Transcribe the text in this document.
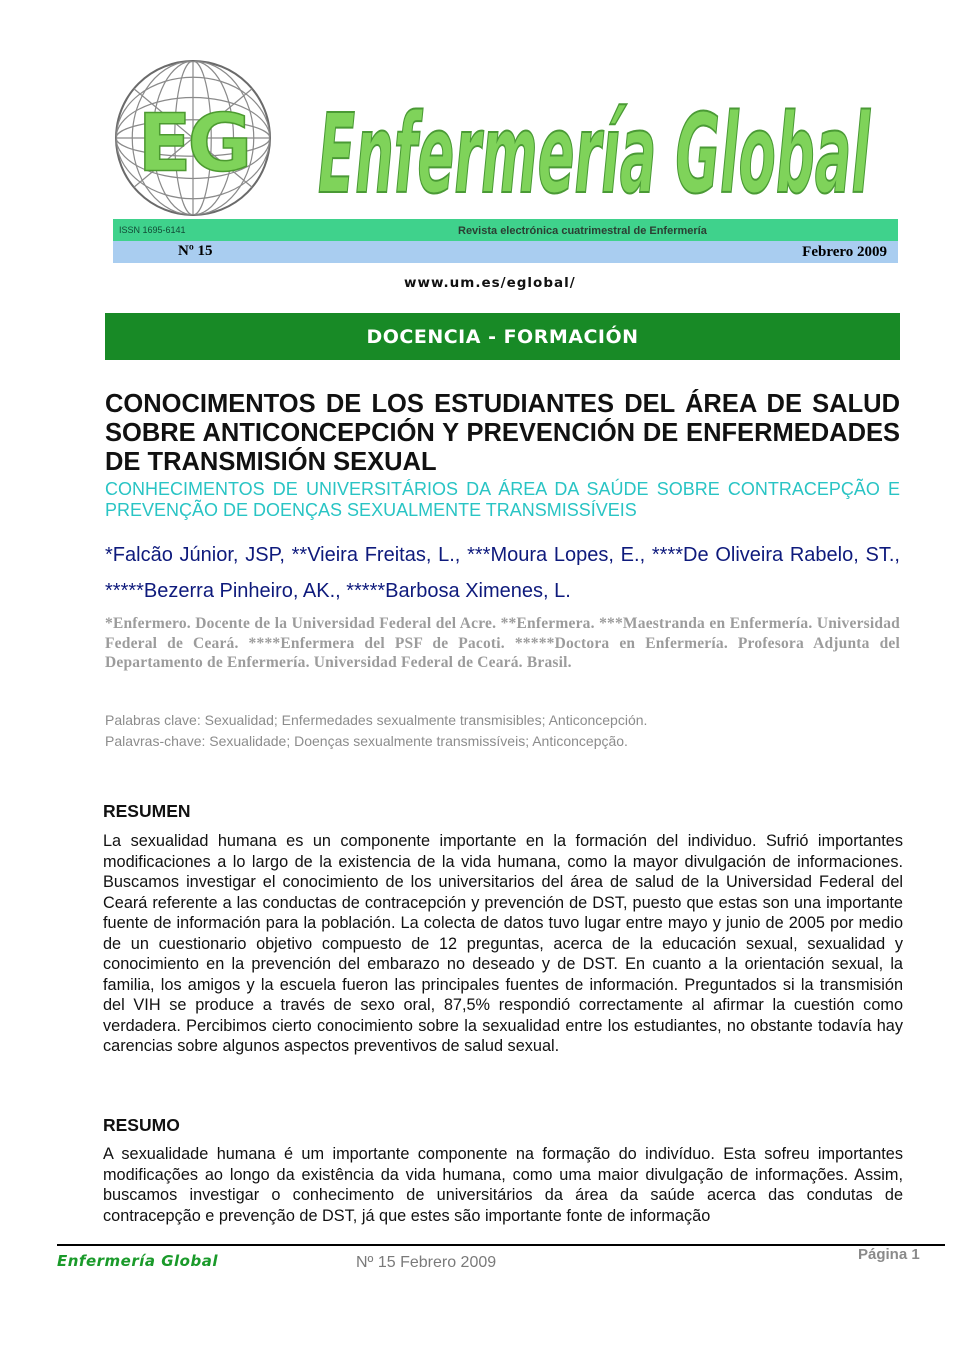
EG Enfermería Global
ISSN 1695-6141	Revista electrónica cuatrimestral de Enfermería
Nº 15	Febrero 2009
www.um.es/eglobal/
DOCENCIA - FORMACIÓN
CONOCIMENTOS DE LOS ESTUDIANTES DEL ÁREA DE SALUD SOBRE ANTICONCEPCIÓN Y PREVENCIÓN DE ENFERMEDADES DE TRANSMISIÓN SEXUAL
CONHECIMENTOS DE UNIVERSITÁRIOS DA ÁREA DA SAÚDE SOBRE CONTRACEPÇÃO E PREVENÇÃO DE DOENÇAS SEXUALMENTE TRANSMISSÍVEIS
*Falcão Júnior, JSP, **Vieira Freitas, L., ***Moura Lopes, E., ****De Oliveira Rabelo, ST., *****Bezerra Pinheiro, AK., *****Barbosa Ximenes, L.
*Enfermero. Docente de la Universidad Federal del Acre. **Enfermera. ***Maestranda en Enfermería. Universidad Federal de Ceará. ****Enfermera del PSF de Pacoti. *****Doctora en Enfermería. Profesora Adjunta del Departamento de Enfermería. Universidad Federal de Ceará. Brasil.
Palabras clave: Sexualidad; Enfermedades sexualmente transmisibles; Anticoncepción.
Palavras-chave: Sexualidade; Doenças sexualmente transmissíveis; Anticoncepção.
RESUMEN
La sexualidad humana es un componente importante en la formación del individuo. Sufrió importantes modificaciones a lo largo de la existencia de la vida humana, como la mayor divulgación de informaciones. Buscamos investigar el conocimiento de los universitarios del área de salud de la Universidad Federal del Ceará referente a las conductas de contracepción y prevención de DST, puesto que estas son una importante fuente de información para la población. La colecta de datos tuvo lugar entre mayo y junio de 2005 por medio de un cuestionario objetivo compuesto de 12 preguntas, acerca de la educación sexual, sexualidad y conocimiento en la prevención del embarazo no deseado y de DST. En cuanto a la orientación sexual, la familia, los amigos y la escuela fueron las principales fuentes de información. Preguntados si la transmisión del VIH se produce a través de sexo oral, 87,5% respondió correctamente al afirmar la cuestión como verdadera. Percibimos cierto conocimiento sobre la sexualidad entre los estudiantes, no obstante todavía hay carencias sobre algunos aspectos preventivos de salud sexual.
RESUMO
A sexualidade humana é um importante componente na formação do indivíduo. Esta sofreu importantes modificações ao longo da existência da vida humana, como uma maior divulgação de informações. Assim, buscamos investigar o conhecimento de universitários da área da saúde acerca das condutas de contracepção e prevenção de DST, já que estes são importante fonte de informação
Enfermería Global	Nº 15 Febrero 2009	Página 1
